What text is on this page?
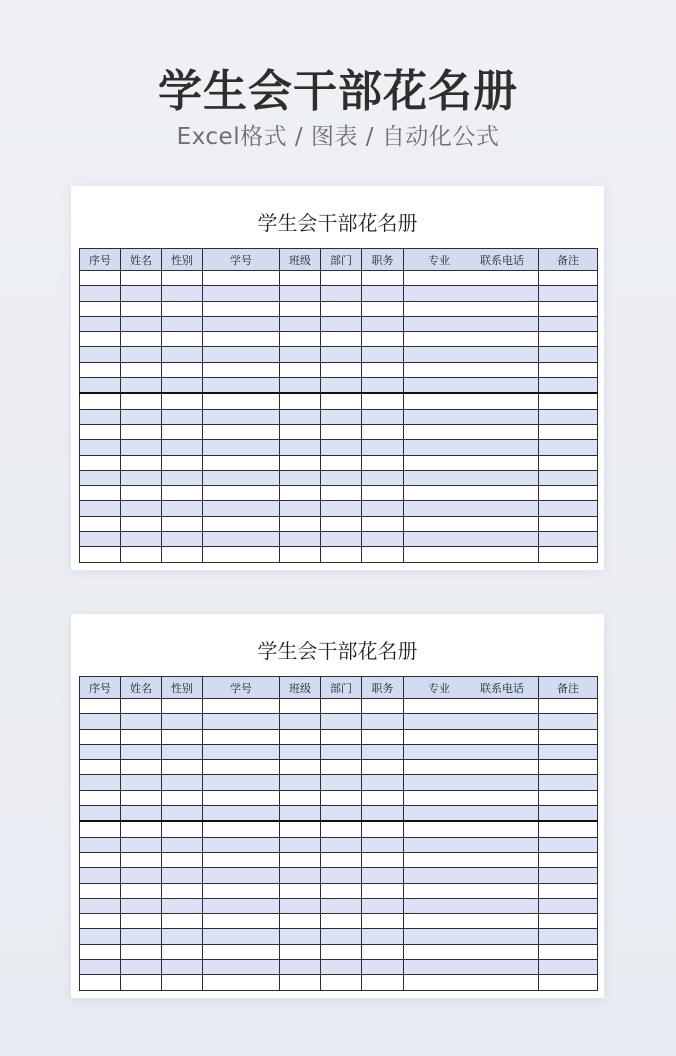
学生会干部花名册
Excel格式 / 图表 / 自动化公式
学生会干部花名册
序号	姓名	性别	学号	班级	部门	职务	专业 联系电话	备注

学生会干部花名册
序号	姓名	性别	学号	班级	部门	职务	专业 联系电话	备注
